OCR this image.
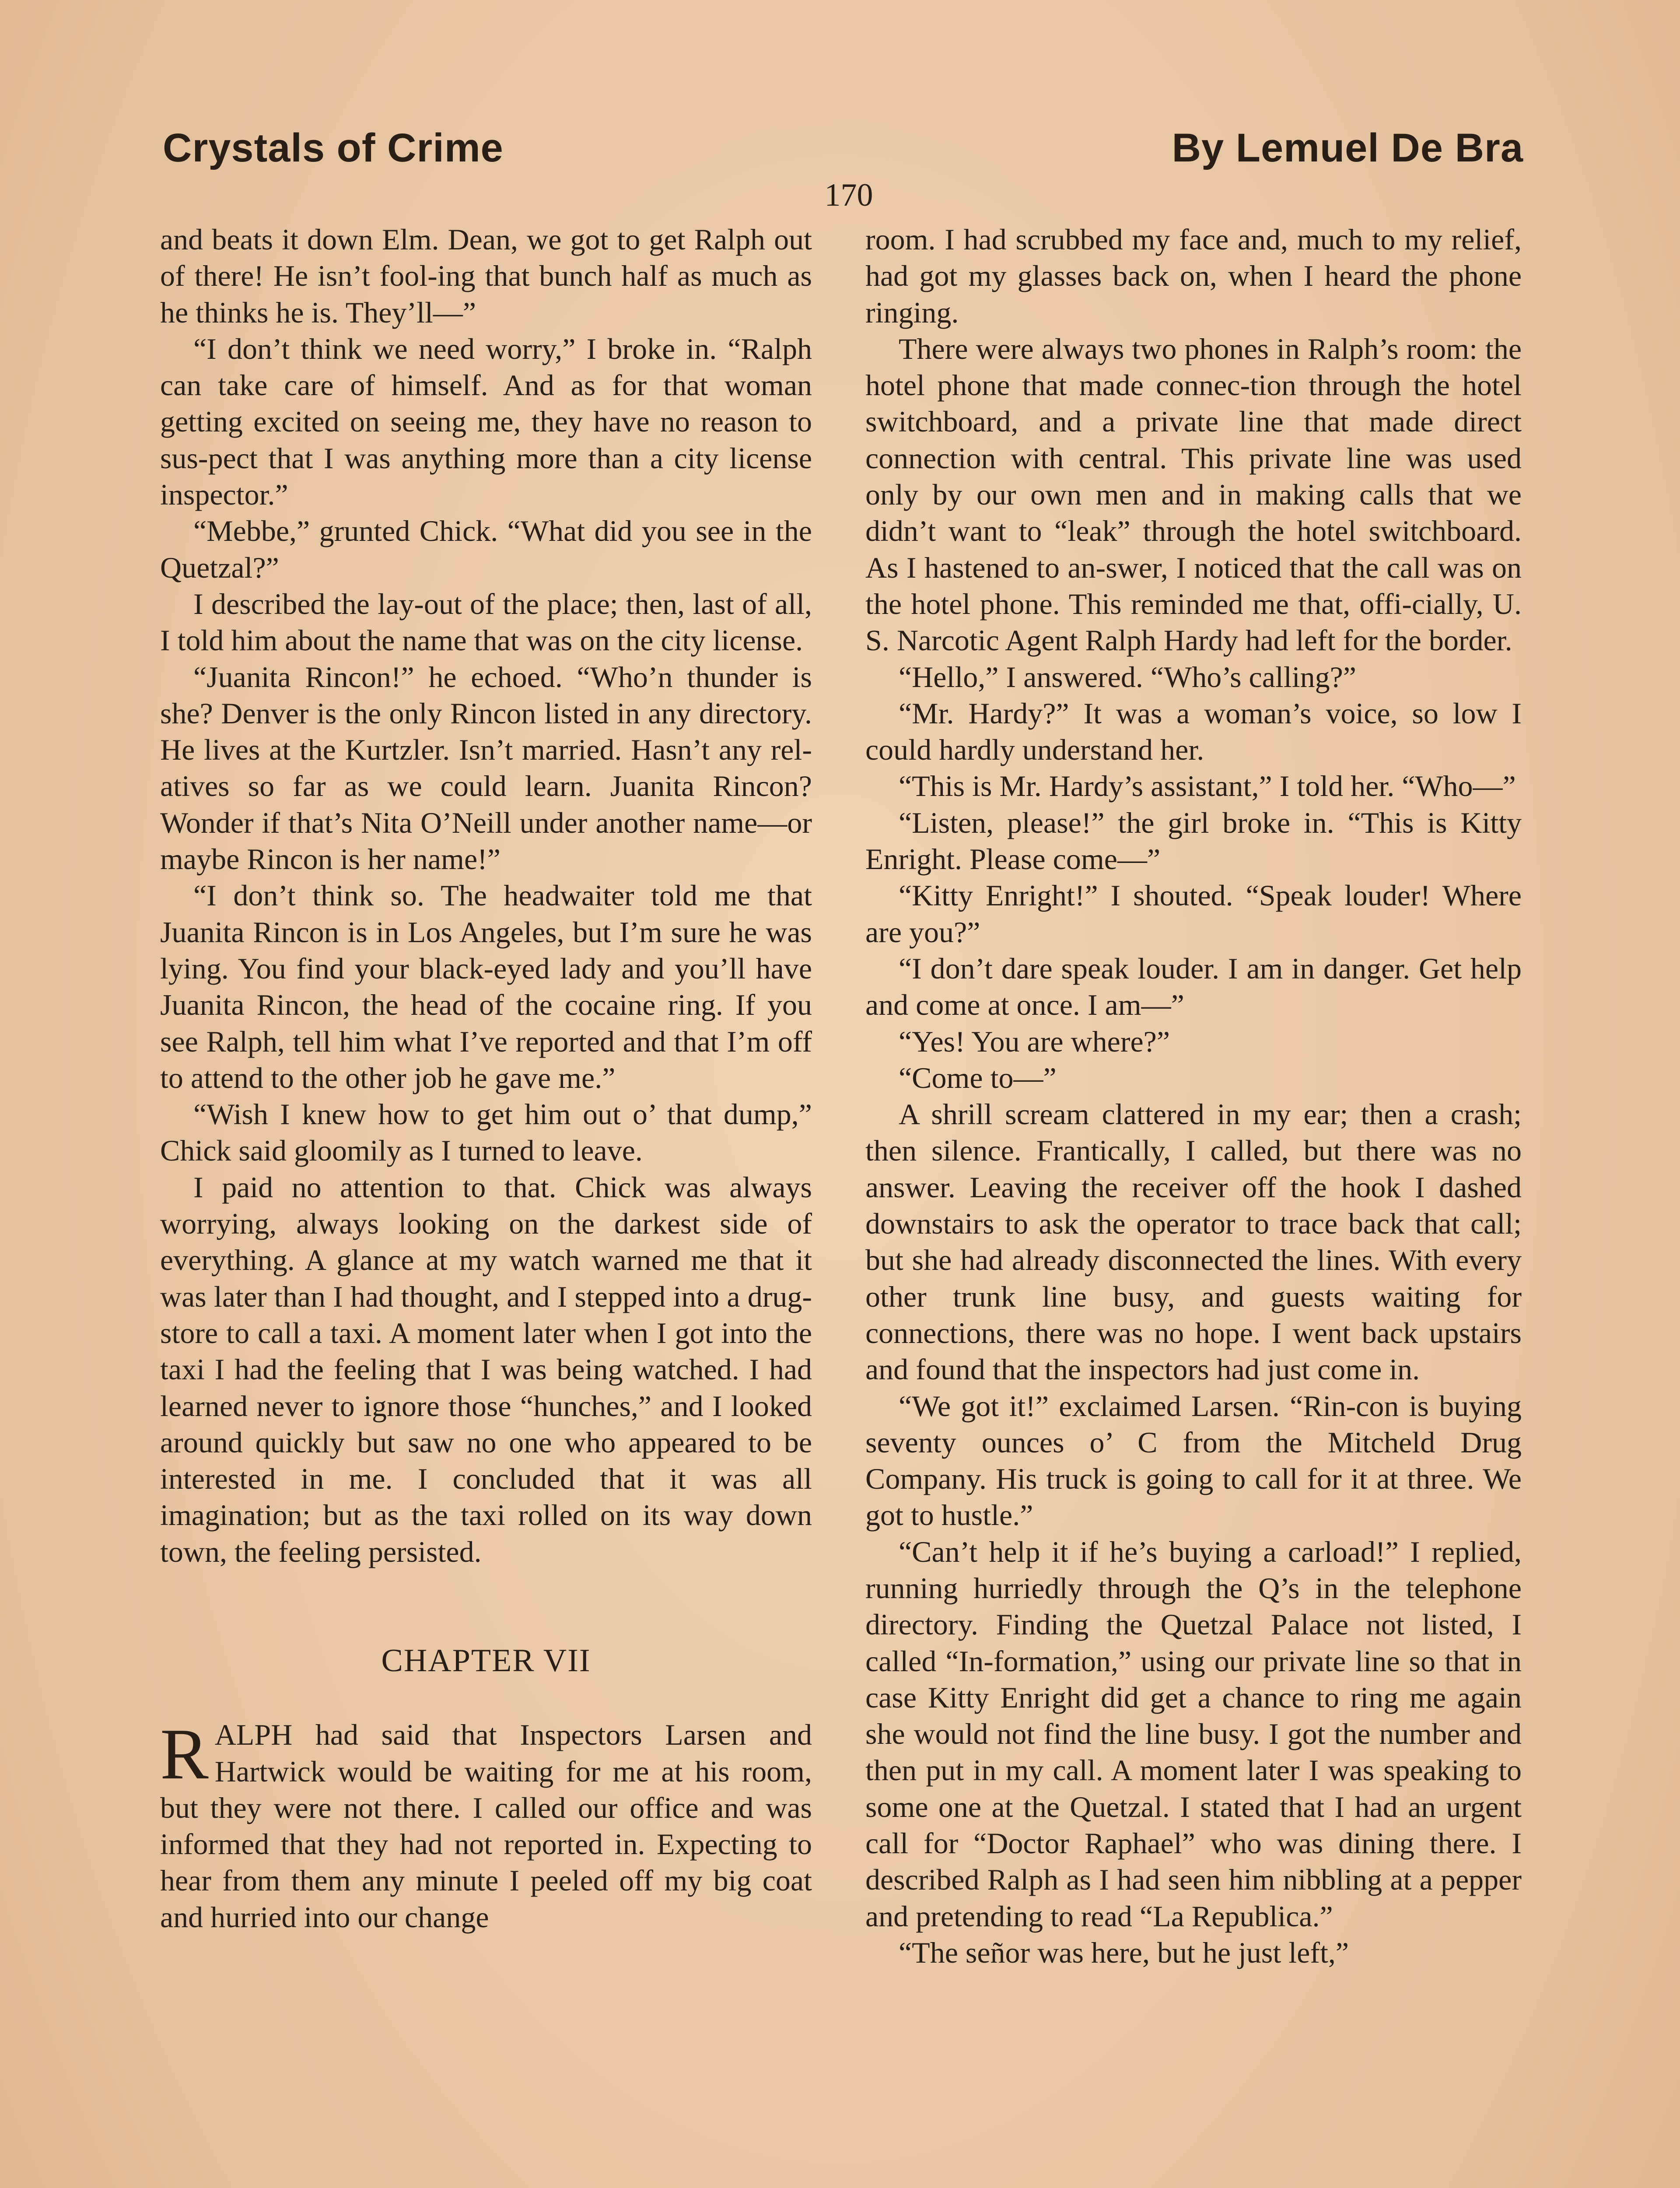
Crystals of Crime	By Lemuel De Bra
170

and beats it down Elm. Dean, we got to get Ralph out of there! He isn’t fool-ing that bunch half as much as he thinks he is. They’ll—”

“I don’t think we need worry,” I broke in. “Ralph can take care of himself. And as for that woman getting excited on seeing me, they have no reason to sus-pect that I was anything more than a city license inspector.”

“Mebbe,” grunted Chick. “What did you see in the Quetzal?”

I described the lay-out of the place; then, last of all, I told him about the name that was on the city license.

“Juanita Rincon!” he echoed. “Who’n thunder is she? Denver is the only Rincon listed in any directory. He lives at the Kurtzler. Isn’t married. Hasn’t any rel-atives so far as we could learn. Juanita Rincon? Wonder if that’s Nita O’Neill under another name—or maybe Rincon is her name!”

“I don’t think so. The headwaiter told me that Juanita Rincon is in Los Angeles, but I’m sure he was lying. You find your black-eyed lady and you’ll have Juanita Rincon, the head of the cocaine ring. If you see Ralph, tell him what I’ve reported and that I’m off to attend to the other job he gave me.”

“Wish I knew how to get him out o’ that dump,” Chick said gloomily as I turned to leave.

I paid no attention to that. Chick was always worrying, always looking on the darkest side of everything. A glance at my watch warned me that it was later than I had thought, and I stepped into a drug-store to call a taxi. A moment later when I got into the taxi I had the feeling that I was being watched. I had learned never to ignore those “hunches,” and I looked around quickly but saw no one who appeared to be interested in me. I concluded that it was all imagination; but as the taxi rolled on its way down town, the feeling persisted.

CHAPTER VII

RALPH had said that Inspectors Larsen and Hartwick would be waiting for me at his room, but they were not there. I called our office and was informed that they had not reported in. Expecting to hear from them any minute I peeled off my big coat and hurried into our change

room. I had scrubbed my face and, much to my relief, had got my glasses back on, when I heard the phone ringing.

There were always two phones in Ralph’s room: the hotel phone that made connec-tion through the hotel switchboard, and a private line that made direct connection with central. This private line was used only by our own men and in making calls that we didn’t want to “leak” through the hotel switchboard. As I hastened to an-swer, I noticed that the call was on the hotel phone. This reminded me that, offi-cially, U. S. Narcotic Agent Ralph Hardy had left for the border.

“Hello,” I answered. “Who’s calling?”

“Mr. Hardy?” It was a woman’s voice, so low I could hardly understand her.

“This is Mr. Hardy’s assistant,” I told her. “Who—”

“Listen, please!” the girl broke in. “This is Kitty Enright. Please come—”

“Kitty Enright!” I shouted. “Speak louder! Where are you?”

“I don’t dare speak louder. I am in danger. Get help and come at once. I am—”

“Yes! You are where?”

“Come to—”

A shrill scream clattered in my ear; then a crash; then silence. Frantically, I called, but there was no answer. Leaving the receiver off the hook I dashed downstairs to ask the operator to trace back that call; but she had already disconnected the lines. With every other trunk line busy, and guests waiting for connections, there was no hope. I went back upstairs and found that the inspectors had just come in.

“We got it!” exclaimed Larsen. “Rin-con is buying seventy ounces o’ C from the Mitcheld Drug Company. His truck is going to call for it at three. We got to hustle.”

“Can’t help it if he’s buying a carload!” I replied, running hurriedly through the Q’s in the telephone directory. Finding the Quetzal Palace not listed, I called “In-formation,” using our private line so that in case Kitty Enright did get a chance to ring me again she would not find the line busy. I got the number and then put in my call. A moment later I was speaking to some one at the Quetzal. I stated that I had an urgent call for “Doctor Raphael” who was dining there. I described Ralph as I had seen him nibbling at a pepper and pretending to read “La Republica.”

“The señor was here, but he just left,”
